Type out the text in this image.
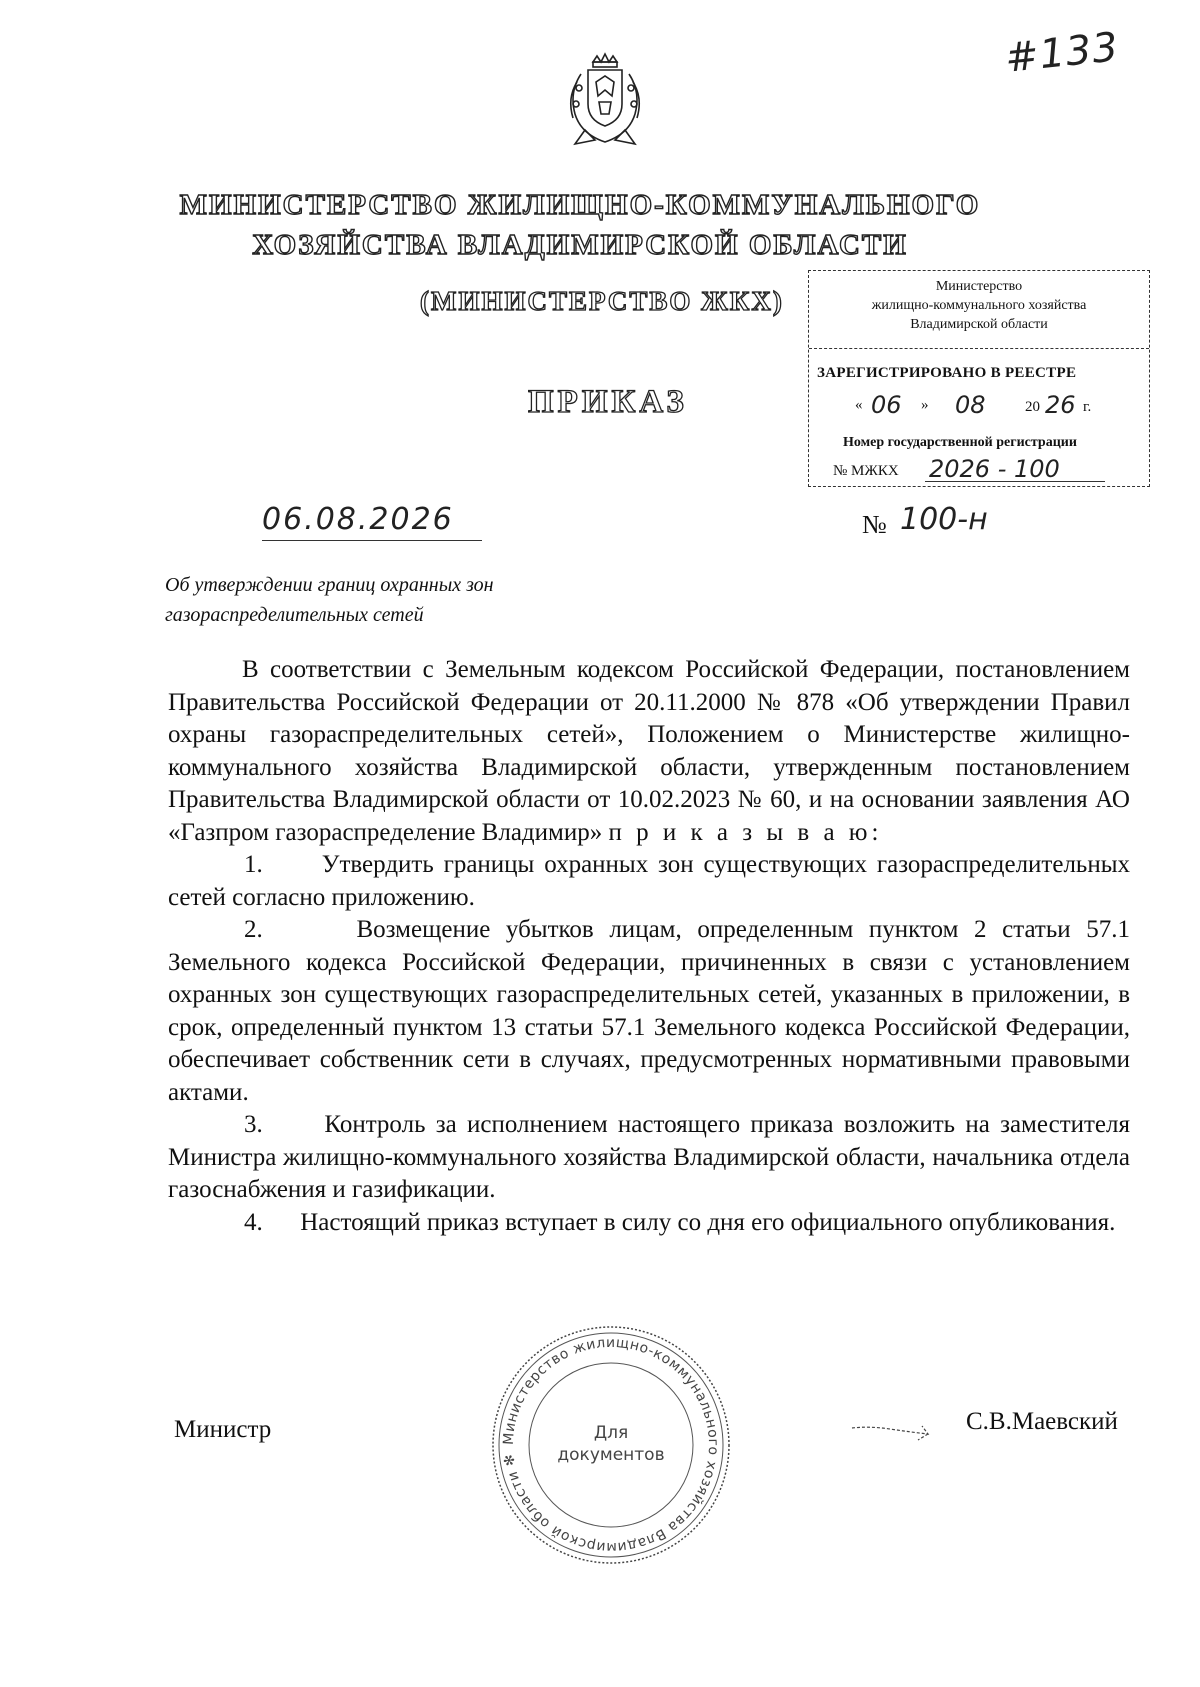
#133
МИНИСТЕРСТВО ЖИЛИЩНО-КОММУНАЛЬНОГО
ХОЗЯЙСТВА ВЛАДИМИРСКОЙ ОБЛАСТИ
(МИНИСТЕРСТВО ЖКХ)
ПРИКАЗ
Министерство
жилищно-коммунального хозяйства
Владимирской области
ЗАРЕГИСТРИРОВАНО В РЕЕСТРЕ
« 06 » 08	20 26 г.
Номер государственной регистрации
№ МЖКХ 2026 - 100
06.08.2026	№ 100-н
Об утверждении границ охранных зон
газораспределительных сетей

В соответствии с Земельным кодексом Российской Федерации, постановлением Правительства Российской Федерации от 20.11.2000 № 878 «Об утверждении Правил охраны газораспределительных сетей», Положением о Министерстве жилищно-коммунального хозяйства Владимирской области, утвержденным постановлением Правительства Владимирской области от 10.02.2023 № 60, и на основании заявления АО «Газпром газораспределение Владимир» п р и к а з ы в а ю:

1. Утвердить границы охранных зон существующих газораспределительных сетей согласно приложению.

2.	Возмещение убытков лицам, определенным пунктом 2 статьи 57.1 Земельного кодекса Российской Федерации, причиненных в связи с установлением охранных зон существующих газораспределительных сетей, указанных в приложении, в срок, определенный пунктом 13 статьи 57.1 Земельного кодекса Российской Федерации, обеспечивает собственник сети в случаях, предусмотренных нормативными правовыми актами.

3. Контроль за исполнением настоящего приказа возложить на заместителя Министра жилищно-коммунального хозяйства Владимирской области, начальника отдела газоснабжения и газификации.

4. Настоящий приказ вступает в силу со дня его официального опубликования.

Министерство жилищно-коммунального хозяйства Владимирской области ✻
Для
документов
Министр	С.В.Маевский
